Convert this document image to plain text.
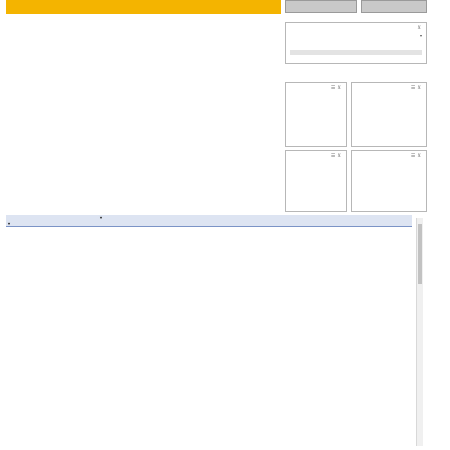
⊻
▾
☰⊻	☰⊻
☰⊻	☰⊻
▾
▾
